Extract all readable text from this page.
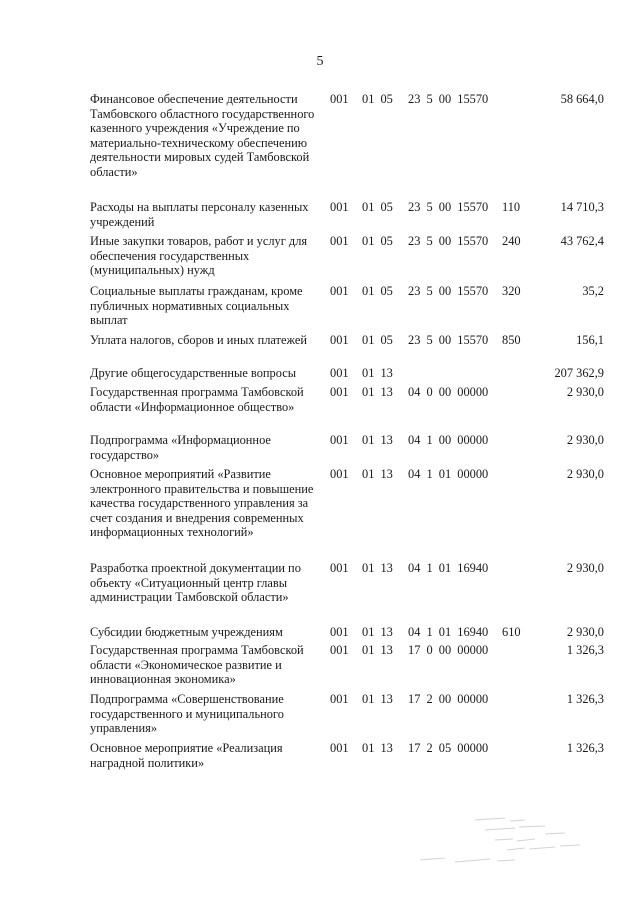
5
Финансовое обеспечение деятельности Тамбовского областного государственного казенного учреждения «Учреждение по материально-техническому обеспечению деятельности мировых судей Тамбовской области»
001 01 05 23 5 00 15570	58 664,0
Расходы на выплаты персоналу казенных учреждений
001 01 05 23 5 00 15570 110	14 710,3
Иные закупки товаров, работ и услуг для обеспечения государственных (муниципальных) нужд
001 01 05 23 5 00 15570 240	43 762,4
Социальные выплаты гражданам, кроме публичных нормативных социальных выплат
001 01 05 23 5 00 15570 320	35,2
Уплата налогов, сборов и иных платежей	001 01 05 23 5 00 15570 850	156,1
Другие общегосударственные вопросы	001 01 13	207 362,9
Государственная программа Тамбовской области «Информационное общество»
001 01 13 04 0 00 00000	2 930,0
Подпрограмма «Информационное государство»
001 01 13 04 1 00 00000	2 930,0
Основное мероприятий «Развитие электронного правительства и повышение качества государственного управления за счет создания и внедрения современных информационных технологий»
001 01 13 04 1 01 00000	2 930,0
Разработка проектной документации по объекту «Ситуационный центр главы администрации Тамбовской области»
001 01 13 04 1 01 16940	2 930,0
Субсидии бюджетным учреждениям	001 01 13 04 1 01 16940 610	2 930,0
Государственная программа Тамбовской области «Экономическое развитие и инновационная экономика»
001 01 13 17 0 00 00000	1 326,3
Подпрограмма «Совершенствование государственного и муниципального управления»
001 01 13 17 2 00 00000	1 326,3
Основное мероприятие «Реализация наградной политики»
001 01 13 17 2 05 00000	1 326,3
